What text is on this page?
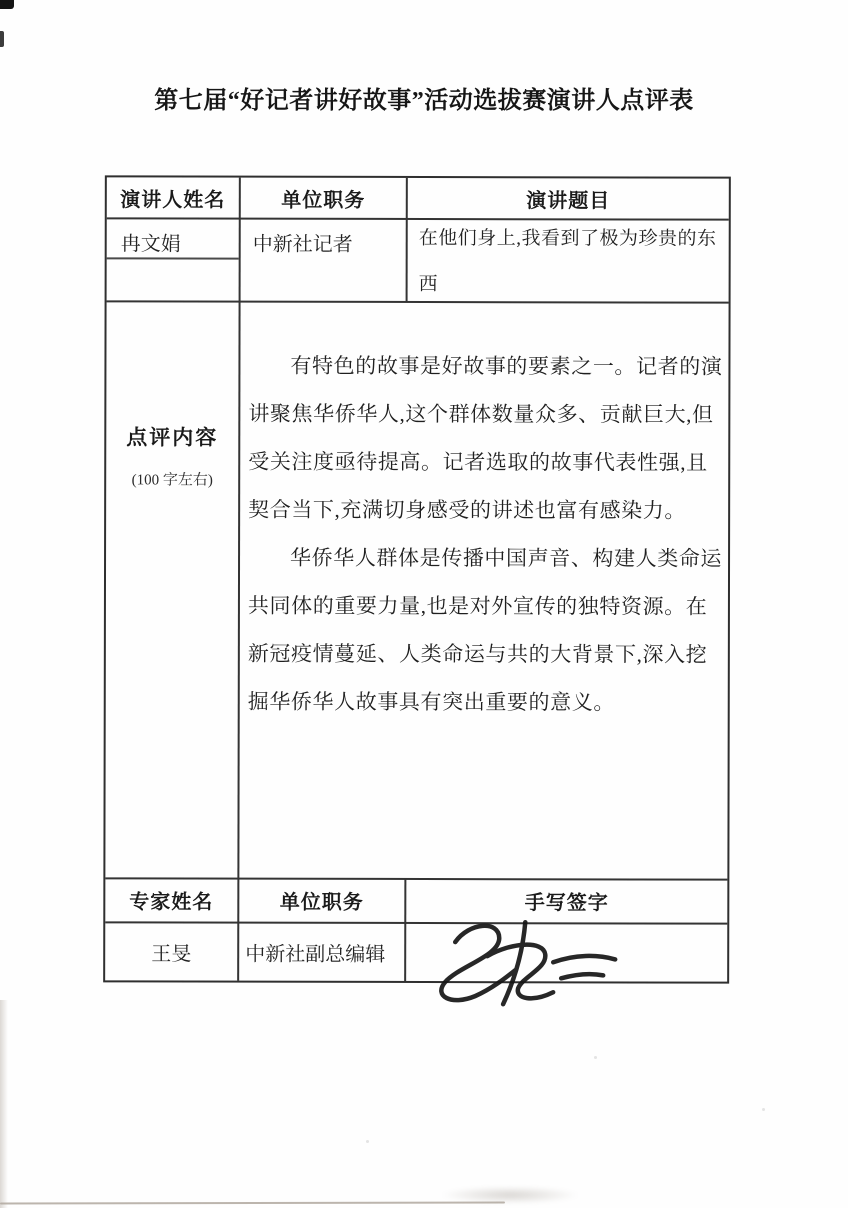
第七届“好记者讲好故事”活动选拔赛演讲人点评表
演讲人姓名	单位职务	演讲题目
冉文娟	中新社记者	在他们身上,我看到了极为珍贵的东西
点评内容
(100 字左右)

有特色的故事是好故事的要素之一。记者的演讲聚焦华侨华人,这个群体数量众多、贡献巨大,但受关注度亟待提高。记者选取的故事代表性强,且契合当下,充满切身感受的讲述也富有感染力。

华侨华人群体是传播中国声音、构建人类命运共同体的重要力量,也是对外宣传的独特资源。在新冠疫情蔓延、人类命运与共的大背景下,深入挖掘华侨华人故事具有突出重要的意义。

专家姓名	单位职务	手写签字
王旻	中新社副总编辑
